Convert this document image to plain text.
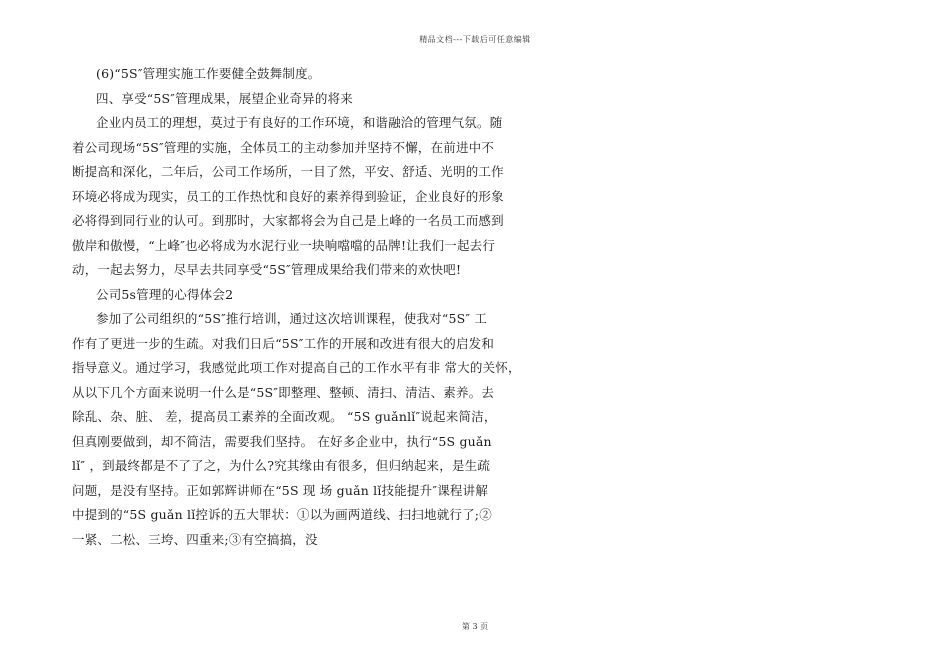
精品文档---下载后可任意编辑
(6)“5S″管理实施工作要健全鼓舞制度。
四、享受“5S″管理成果，展望企业奇异的将来
企业内员工的理想，莫过于有良好的工作环境，和谐融洽的管理气氛。随
着公司现场“5S″管理的实施，全体员工的主动参加并坚持不懈，在前进中不
断提高和深化，二年后，公司工作场所，一目了然，平安、舒适、光明的工作
环境必将成为现实，员工的工作热忱和良好的素养得到验证，企业良好的形象
必将得到同行业的认可。到那时，大家都将会为自己是上峰的一名员工而感到
傲岸和傲慢，“上峰″也必将成为水泥行业一块响噹噹的品牌!让我们一起去行
动，一起去努力，尽早去共同享受“5S″管理成果给我们带来的欢快吧!
公司5s管理的心得体会2
参加了公司组织的“5S″推行培训，通过这次培训课程，使我对“5S″ 工
作有了更进一步的生疏。对我们日后“5S″工作的开展和改进有很大的启发和
指导意义。通过学习，我感觉此项工作对提高自己的工作水平有非 常大的关怀，
从以下几个方面来说明一什么是“5S″即整理、整顿、清扫、清洁、素养。去
除乱、杂、脏、 差，提高员工素养的全面改观。 “5S guǎnlǐ″说起来简洁，
但真刚要做到，却不简洁，需要我们坚持。 在好多企业中，执行“5S guǎn
lǐ″ ，到最终都是不了了之，为什么?究其缘由有很多，但归纳起来，是生疏
问题，是没有坚持。正如郭辉讲师在“5S 现 场 guǎn lǐ技能提升″课程讲解
中提到的“5S guǎn lǐ控诉的五大罪状：①以为画两道线、扫扫地就行了;②
一紧、二松、三垮、四重来;③有空搞搞，没
第 3 页
